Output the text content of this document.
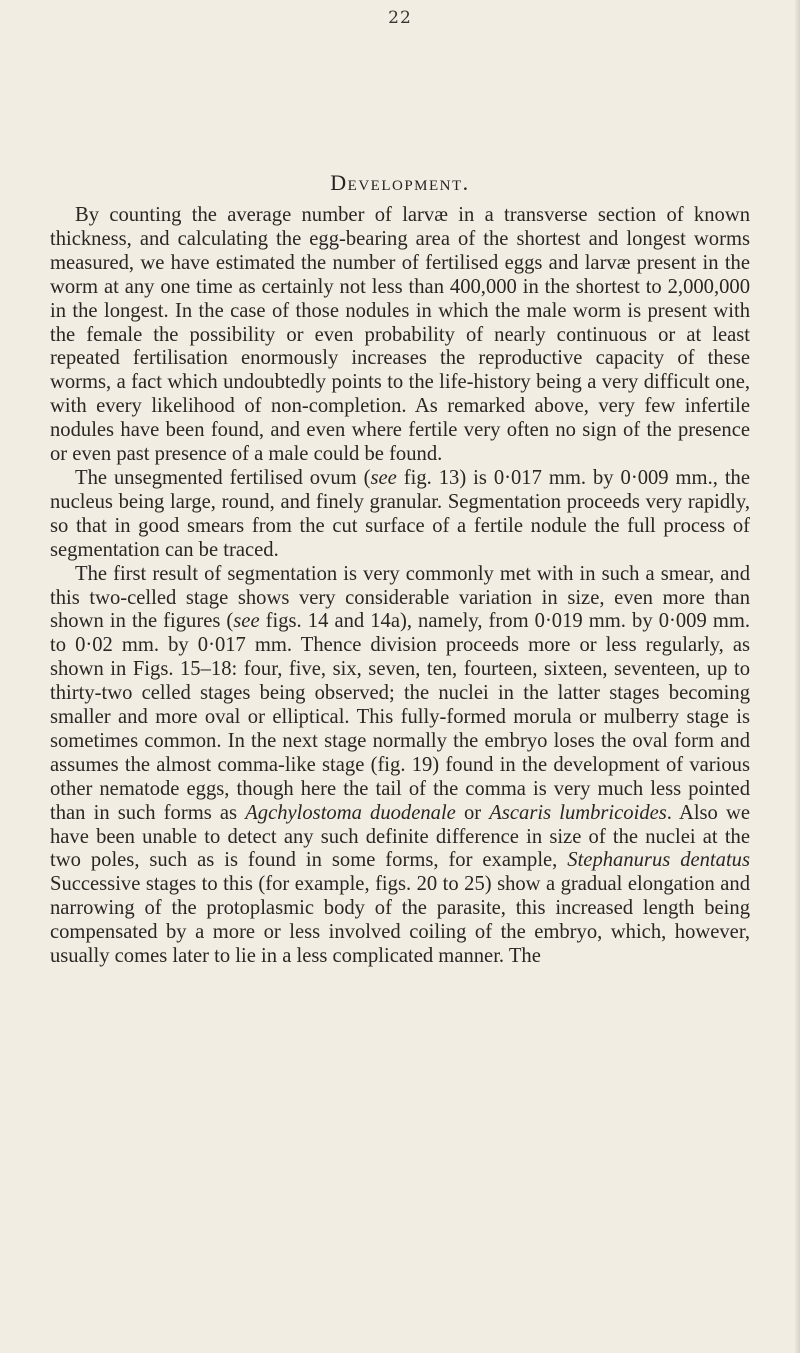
22
Development.

By counting the average number of larvæ in a transverse section of known thickness, and calculating the egg-bearing area of the shortest and longest worms measured, we have estimated the number of fertilised eggs and larvæ present in the worm at any one time as certainly not less than 400,000 in the shortest to 2,000,000 in the longest. In the case of those nodules in which the male worm is present with the female the possibility or even probability of nearly continuous or at least repeated fertilisation enormously increases the reproductive capacity of these worms, a fact which undoubtedly points to the life-history being a very difficult one, with every likelihood of non-completion. As remarked above, very few infertile nodules have been found, and even where fertile very often no sign of the presence or even past presence of a male could be found.

The unsegmented fertilised ovum (see fig. 13) is 0·017 mm. by 0·009 mm., the nucleus being large, round, and finely granular. Segmentation proceeds very rapidly, so that in good smears from the cut surface of a fertile nodule the full process of segmentation can be traced.

The first result of segmentation is very commonly met with in such a smear, and this two-celled stage shows very considerable variation in size, even more than shown in the figures (see figs. 14 and 14a), namely, from 0·019 mm. by 0·009 mm. to 0·02 mm. by 0·017 mm. Thence division proceeds more or less regularly, as shown in Figs. 15–18: four, five, six, seven, ten, fourteen, sixteen, seventeen, up to thirty-two celled stages being observed; the nuclei in the latter stages becoming smaller and more oval or elliptical. This fully-formed morula or mulberry stage is sometimes common. In the next stage normally the embryo loses the oval form and assumes the almost comma-like stage (fig. 19) found in the development of various other nematode eggs, though here the tail of the comma is very much less pointed than in such forms as Agchylostoma duodenale or Ascaris lumbricoides. Also we have been unable to detect any such definite difference in size of the nuclei at the two poles, such as is found in some forms, for example, Stephanurus dentatus Successive stages to this (for example, figs. 20 to 25) show a gradual elongation and narrowing of the protoplasmic body of the parasite, this increased length being compensated by a more or less involved coiling of the embryo, which, however, usually comes later to lie in a less complicated manner. The
